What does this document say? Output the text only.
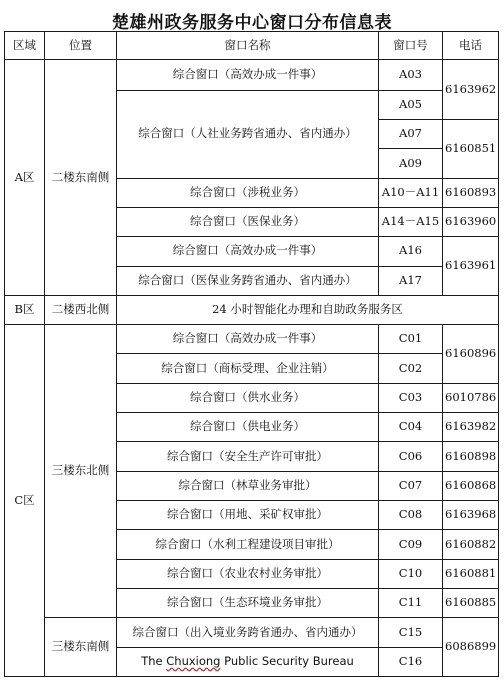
楚雄州政务服务中心窗口分布信息表
区域	位置	窗口名称	窗口号	电话
A区	二楼东南侧	综合窗口（高效办成一件事）	A03	6163962
		综合窗口（人社业务跨省通办、省内通办）	A05	
			A07	6160851
			A09	
		综合窗口（涉税业务）	A10－A11	6160893
		综合窗口（医保业务）	A14－A15	6163960
		综合窗口（高效办成一件事）	A16	6163961
		综合窗口（医保业务跨省通办、省内通办）	A17	
B区	二楼西北侧	24 小时智能化办理和自助政务服务区		
C区	三楼东北侧	综合窗口（高效办成一件事）	C01	6160896
		综合窗口（商标受理、企业注销）	C02	
		综合窗口（供水业务）	C03	6010786
		综合窗口（供电业务）	C04	6163982
		综合窗口（安全生产许可审批）	C06	6160898
		综合窗口（林草业务审批）	C07	6160868
		综合窗口（用地、采矿权审批）	C08	6163968
		综合窗口（水利工程建设项目审批）	C09	6160882
		综合窗口（农业农村业务审批）	C10	6160881
		综合窗口（生态环境业务审批）	C11	6160885
	三楼东南侧	综合窗口（出入境业务跨省通办、省内通办）	C15	6086899
		The Chuxiong Public Security Bureau	C16	
